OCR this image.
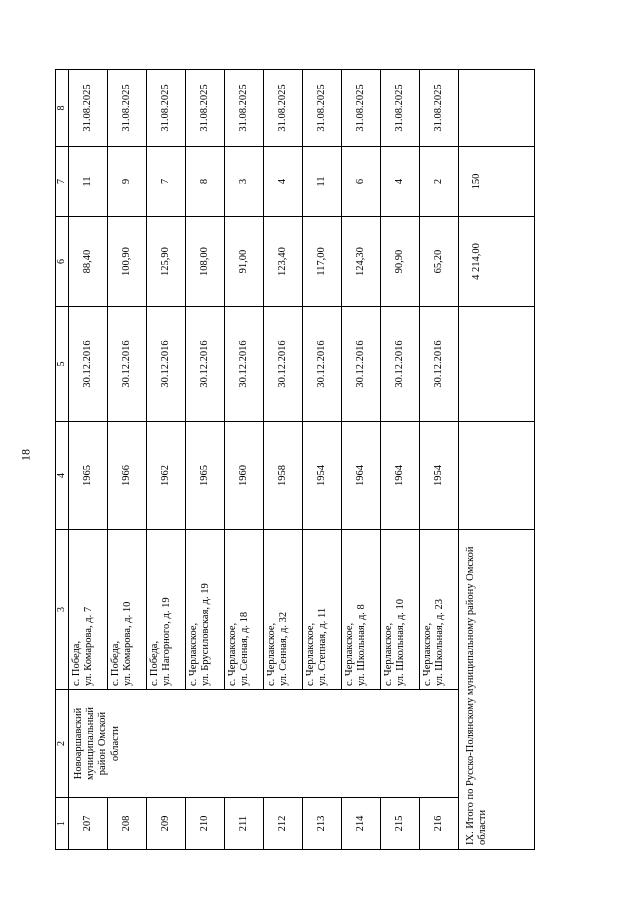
18
1	2	3	4	5	6	7	8
207	Новоаршавский муниципальный район Омской области	с. Победа, ул. Комарова, д. 7	1965	30.12.2016	88,40	11	31.08.2025
208		с. Победа, ул. Комарова, д. 10	1966	30.12.2016	100,90	9	31.08.2025
209		с. Победа, ул. Нагорного, д. 19	1962	30.12.2016	125,90	7	31.08.2025
210		с. Черлакское, ул. Брусиловская, д. 19	1965	30.12.2016	108,00	8	31.08.2025
211		с. Черлакское, ул. Сенная, д. 18	1960	30.12.2016	91,00	3	31.08.2025
212		с. Черлакское, ул. Сенная, д. 32	1958	30.12.2016	123,40	4	31.08.2025
213		с. Черлакское, ул. Степная, д. 11	1954	30.12.2016	117,00	11	31.08.2025
214		с. Черлакское, ул. Школьная, д. 8	1964	30.12.2016	124,30	6	31.08.2025
215		с. Черлакское, ул. Школьная, д. 10	1964	30.12.2016	90,90	4	31.08.2025
216		с. Черлакское, ул. Школьная, д. 23	1954	30.12.2016	65,20	2	31.08.2025
IX. Итого по Русско-Полянскому муниципальному району Омской области					4 214,00	150	
